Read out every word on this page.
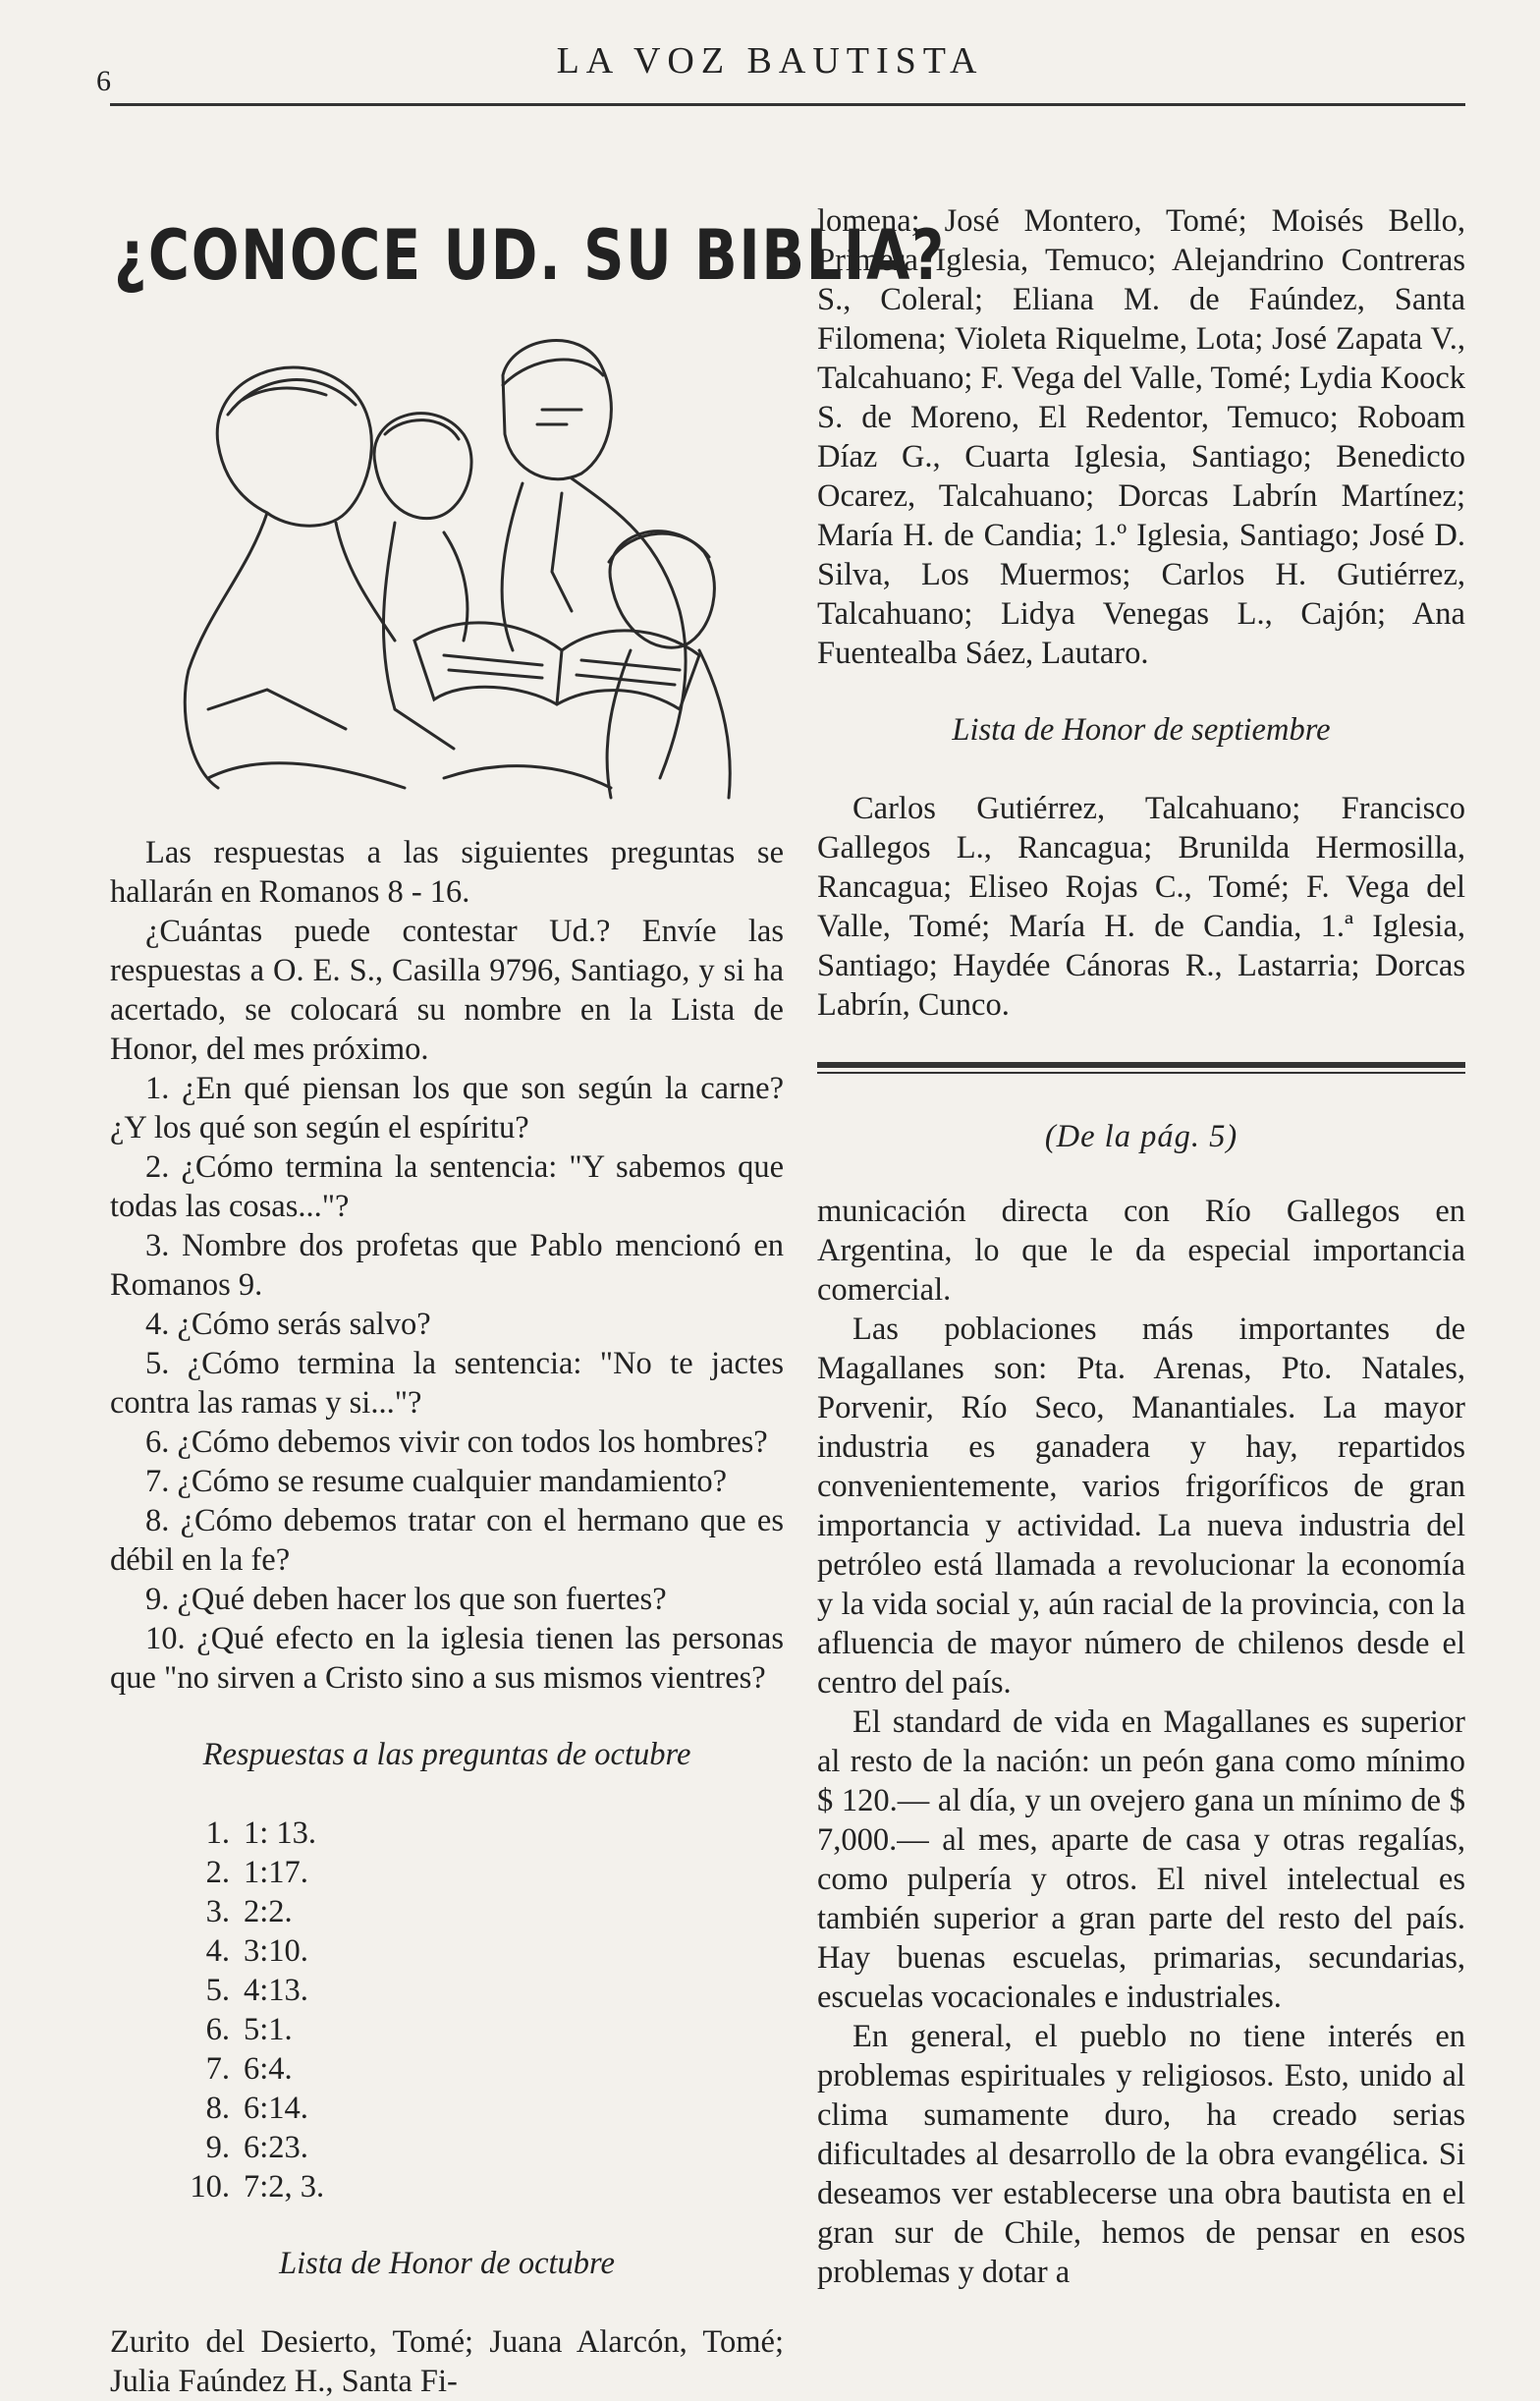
6	LA VOZ BAUTISTA
¿CONOCE UD. SU BIBLIA?

Las respuestas a las siguientes preguntas se hallarán en Romanos 8 - 16.

¿Cuántas puede contestar Ud.? Envíe las respuestas a O. E. S., Casilla 9796, Santiago, y si ha acertado, se colocará su nombre en la Lista de Honor, del mes próximo.

1. ¿En qué piensan los que son según la carne? ¿Y los qué son según el espíritu?

2. ¿Cómo termina la sentencia: "Y sabemos que todas las cosas..."?

3. Nombre dos profetas que Pablo mencionó en Romanos 9.

4. ¿Cómo serás salvo?

5. ¿Cómo termina la sentencia: "No te jactes contra las ramas y si..."?

6. ¿Cómo debemos vivir con todos los hombres?

7. ¿Cómo se resume cualquier mandamiento?

8. ¿Cómo debemos tratar con el hermano que es débil en la fe?

9. ¿Qué deben hacer los que son fuertes?

10. ¿Qué efecto en la iglesia tienen las personas que "no sirven a Cristo sino a sus mismos vientres?

Respuestas a las preguntas de octubre

1. 1: 13.
2. 1:17.
3. 2:2.
4. 3:10.
5. 4:13.
6. 5:1.
7. 6:4.
8. 6:14.
9. 6:23.
10. 7:2, 3.

Lista de Honor de octubre

Zurito del Desierto, Tomé; Juana Alarcón, Tomé; Julia Faúndez H., Santa Fi-

lomena; José Montero, Tomé; Moisés Bello, Primera Iglesia, Temuco; Alejandrino Contreras S., Coleral; Eliana M. de Faúndez, Santa Filomena; Violeta Riquelme, Lota; José Zapata V., Talcahuano; F. Vega del Valle, Tomé; Lydia Koock S. de Moreno, El Redentor, Temuco; Roboam Díaz G., Cuarta Iglesia, Santiago; Benedicto Ocarez, Talcahuano; Dorcas Labrín Martínez; María H. de Candia; 1.º Iglesia, Santiago; José D. Silva, Los Muermos; Carlos H. Gutiérrez, Talcahuano; Lidya Venegas L., Cajón; Ana Fuentealba Sáez, Lautaro.

Lista de Honor de septiembre

Carlos Gutiérrez, Talcahuano; Francisco Gallegos L., Rancagua; Brunilda Hermosilla, Rancagua; Eliseo Rojas C., Tomé; F. Vega del Valle, Tomé; María H. de Candia, 1.ª Iglesia, Santiago; Haydée Cánoras R., Lastarria; Dorcas Labrín, Cunco.

(De la pág. 5)

municación directa con Río Gallegos en Argentina, lo que le da especial importancia comercial.

Las poblaciones más importantes de Magallanes son: Pta. Arenas, Pto. Natales, Porvenir, Río Seco, Manantiales. La mayor industria es ganadera y hay, repartidos convenientemente, varios frigoríficos de gran importancia y actividad. La nueva industria del petróleo está llamada a revolucionar la economía y la vida social y, aún racial de la provincia, con la afluencia de mayor número de chilenos desde el centro del país.

El standard de vida en Magallanes es superior al resto de la nación: un peón gana como mínimo $ 120.— al día, y un ovejero gana un mínimo de $ 7,000.— al mes, aparte de casa y otras regalías, como pulpería y otros. El nivel intelectual es también superior a gran parte del resto del país. Hay buenas escuelas, primarias, secundarias, escuelas vocacionales e industriales.

En general, el pueblo no tiene interés en problemas espirituales y religiosos. Esto, unido al clima sumamente duro, ha creado serias dificultades al desarrollo de la obra evangélica. Si deseamos ver establecerse una obra bautista en el gran sur de Chile, hemos de pensar en esos problemas y dotar a
